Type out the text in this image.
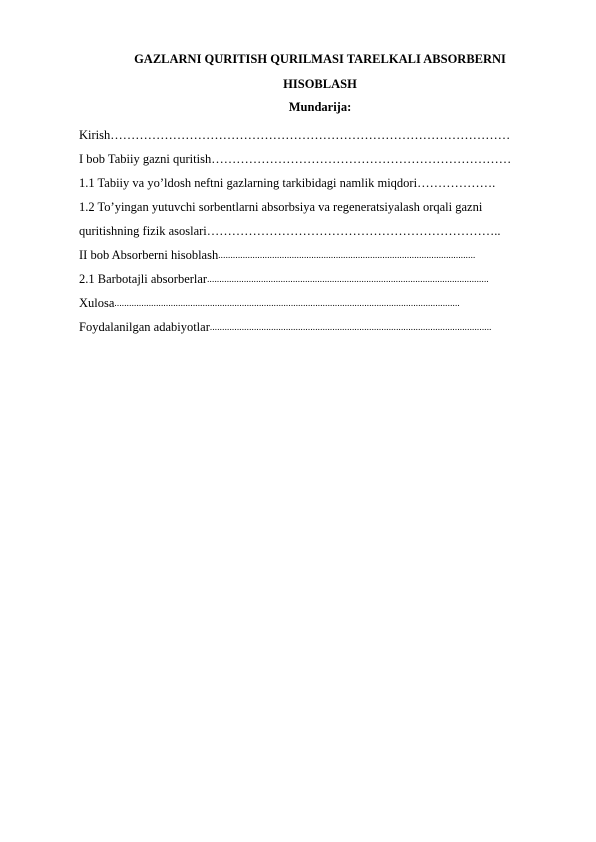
GAZLARNI QURITISH QURILMASI TARELKALI ABSORBERNI
HISOBLASH
Mundarija:
Kirish……………………………………………………………………………………
I bob Tabiiy gazni quritish………………………………………………………………
1.1 Tabiiy va yo’ldosh neftni gazlarning tarkibidagi namlik miqdori……………….
1.2 To’yingan yutuvchi sorbentlarni absorbsiya va regeneratsiyalash orqali gazni
quritishning fizik asoslari……………………………………………………………..
II bob Absorberni hisoblash.........................................................................................................
2.1 Barbotajli absorberlar...................................................................................................................
Xulosa.............................................................................................................................................
Foydalanilgan adabiyotlar...................................................................................................................
